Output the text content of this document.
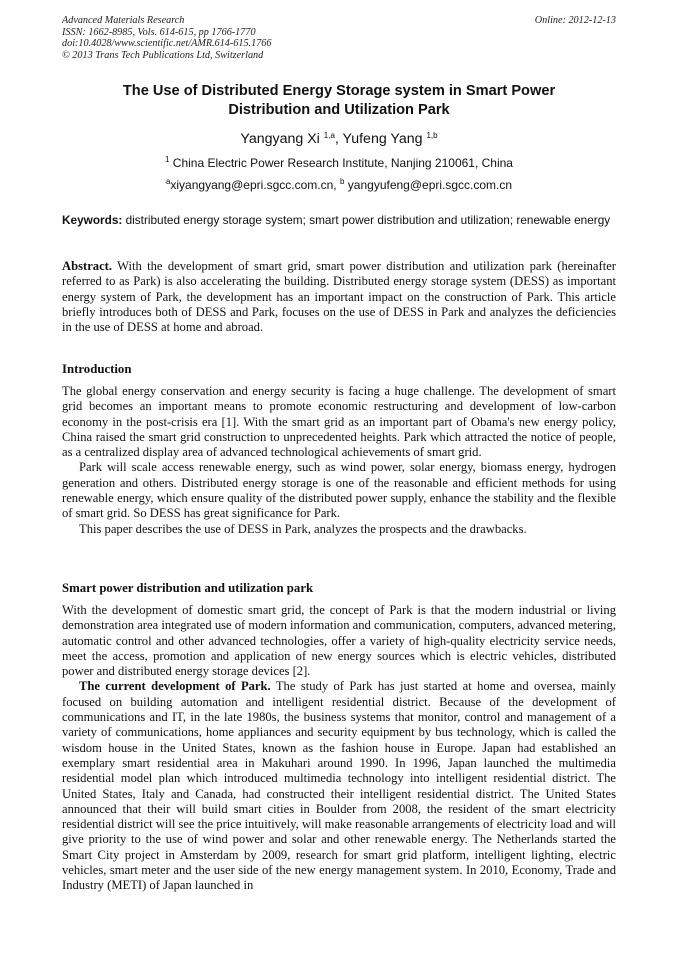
Advanced Materials Research
ISSN: 1662-8985, Vols. 614-615, pp 1766-1770
doi:10.4028/www.scientific.net/AMR.614-615.1766
© 2013 Trans Tech Publications Ltd, Switzerland
Online: 2012-12-13
The Use of Distributed Energy Storage system in Smart Power
Distribution and Utilization Park
Yangyang Xi $^{1,a}$, Yufeng Yang $^{1,b}$
$^1$ China Electric Power Research Institute, Nanjing 210061, China
$^a$xiyangyang@epri.sgcc.com.cn, $^b$ yangyufeng@epri.sgcc.com.cn
Keywords: distributed energy storage system; smart power distribution and utilization; renewable energy

Abstract. With the development of smart grid, smart power distribution and utilization park (hereinafter referred to as Park) is also accelerating the building. Distributed energy storage system (DESS) as important energy system of Park, the development has an important impact on the construction of Park. This article briefly introduces both of DESS and Park, focuses on the use of DESS in Park and analyzes the deficiencies in the use of DESS at home and abroad.

Introduction

The global energy conservation and energy security is facing a huge challenge. The development of smart grid becomes an important means to promote economic restructuring and development of low-carbon economy in the post-crisis era [1]. With the smart grid as an important part of Obama's new energy policy, China raised the smart grid construction to unprecedented heights. Park which attracted the notice of people, as a centralized display area of advanced technological achievements of smart grid.

Park will scale access renewable energy, such as wind power, solar energy, biomass energy, hydrogen generation and others. Distributed energy storage is one of the reasonable and efficient methods for using renewable energy, which ensure quality of the distributed power supply, enhance the stability and the flexible of smart grid. So DESS has great significance for Park.

This paper describes the use of DESS in Park, analyzes the prospects and the drawbacks.

Smart power distribution and utilization park

With the development of domestic smart grid, the concept of Park is that the modern industrial or living demonstration area integrated use of modern information and communication, computers, advanced metering, automatic control and other advanced technologies, offer a variety of high-quality electricity service needs, meet the access, promotion and application of new energy sources which is electric vehicles, distributed power and distributed energy storage devices [2].

The current development of Park. The study of Park has just started at home and oversea, mainly focused on building automation and intelligent residential district. Because of the development of communications and IT, in the late 1980s, the business systems that monitor, control and management of a variety of communications, home appliances and security equipment by bus technology, which is called the wisdom house in the United States, known as the fashion house in Europe. Japan had established an exemplary smart residential area in Makuhari around 1990. In 1996, Japan launched the multimedia residential model plan which introduced multimedia technology into intelligent residential district. The United States, Italy and Canada, had constructed their intelligent residential district. The United States announced that their will build smart cities in Boulder from 2008, the resident of the smart electricity residential district will see the price intuitively, will make reasonable arrangements of electricity load and will give priority to the use of wind power and solar and other renewable energy. The Netherlands started the Smart City project in Amsterdam by 2009, research for smart grid platform, intelligent lighting, electric vehicles, smart meter and the user side of the new energy management system. In 2010, Economy, Trade and Industry (METI) of Japan launched in
